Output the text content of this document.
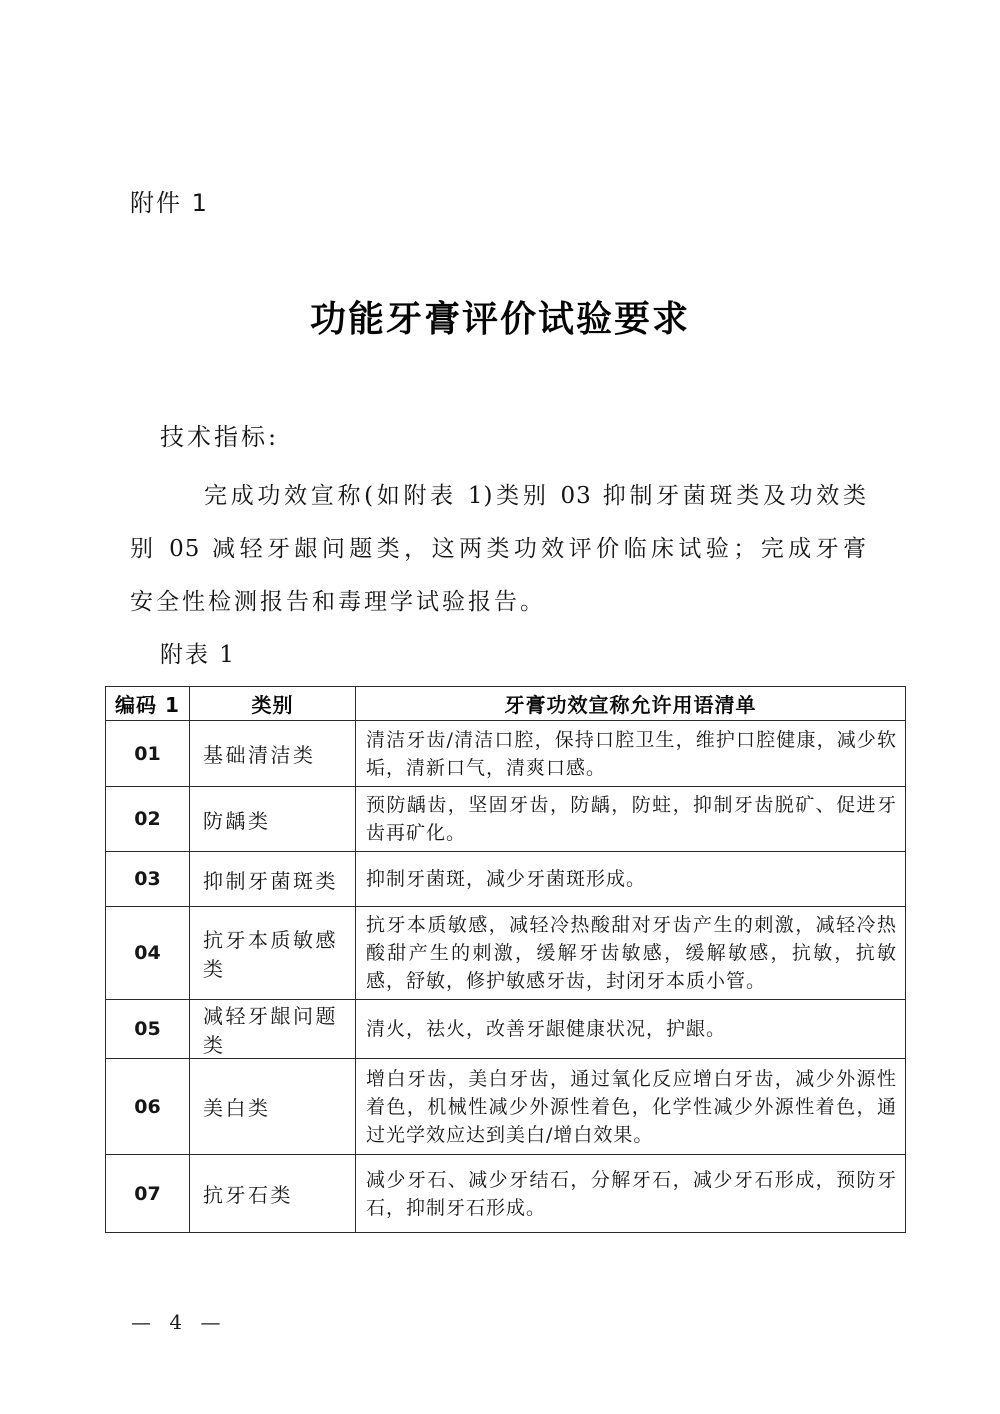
附件 1
功能牙膏评价试验要求
技术指标:
完成功效宣称(如附表 1)类别 03 抑制牙菌斑类及功效类
别 05 减轻牙龈问题类，这两类功效评价临床试验；完成牙膏
安全性检测报告和毒理学试验报告。
附表 1
编码 1	类别	牙膏功效宣称允许用语清单
01	基础清洁类	清洁牙齿/清洁口腔，保持口腔卫生，维护口腔健康，减少软垢，清新口气，清爽口感。
02	防龋类	预防龋齿，坚固牙齿，防龋，防蛀，抑制牙齿脱矿、促进牙齿再矿化。
03	抑制牙菌斑类	抑制牙菌斑，减少牙菌斑形成。
04	抗牙本质敏感类	抗牙本质敏感，减轻冷热酸甜对牙齿产生的刺激，减轻冷热酸甜产生的刺激，缓解牙齿敏感，缓解敏感，抗敏，抗敏感，舒敏，修护敏感牙齿，封闭牙本质小管。
05	减轻牙龈问题类	清火，祛火，改善牙龈健康状况，护龈。
06	美白类	增白牙齿，美白牙齿，通过氧化反应增白牙齿，减少外源性着色，机械性减少外源性着色，化学性减少外源性着色，通过光学效应达到美白/增白效果。
07	抗牙石类	减少牙石、减少牙结石，分解牙石，减少牙石形成，预防牙石，抑制牙石形成。
— 4 —
